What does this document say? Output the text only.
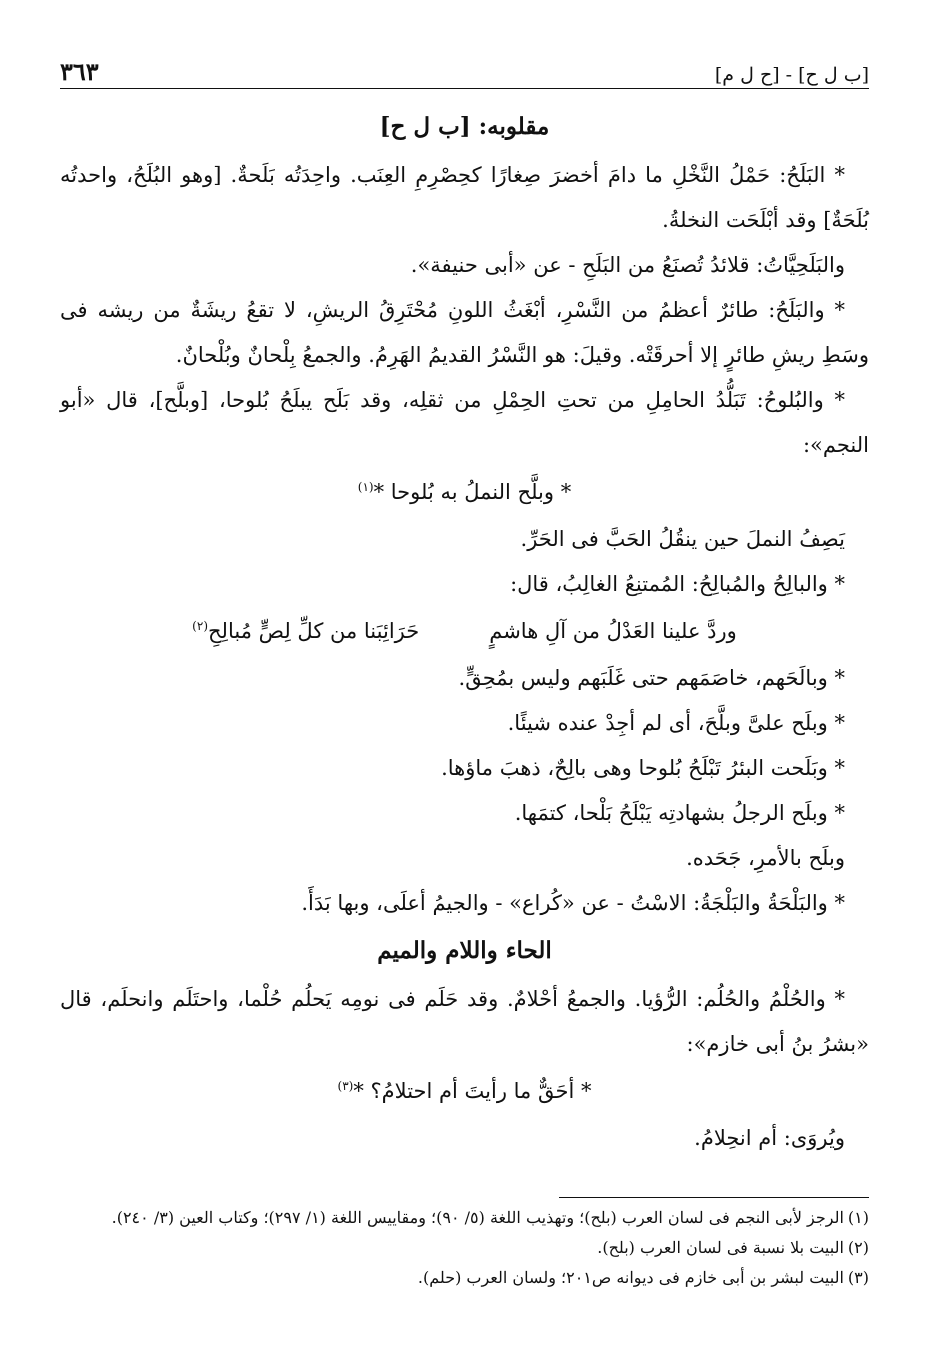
[ب ل ح] - [ح ل م]
٣٦٣
مقلوبه: [ب ل ح]

* البَلَحُ: حَمْلُ النَّخْلِ ما دامَ أخضرَ صِغارًا كحِصْرِمِ العِنَب. واحِدَتُه بَلَحةٌ. [وهو البُلَحُ، واحدتُه بُلَحَةٌ] وقد أبْلَحَت النخلةُ.

والبَلَحِيَّاتُ: قلائدُ تُصنَعُ من البَلَحِ - عن «أبى حنيفة».

* والبَلَحُ: طائرٌ أعظمُ من النَّسْرِ، أبْغَثُ اللونِ مُحْتَرِقُ الريشِ، لا تقعُ ريشَةٌ من ريشه فى وسَطِ ريشِ طائرٍ إلا أحرقَتْه. وقيلَ: هو النَّسْرُ القديمُ الهَرِمُ. والجمعُ بِلْحانٌ وبُلْحانٌ.

* والبُلوحُ: تَبَلُّدُ الحامِلِ من تحتِ الحِمْلِ من ثقلِه، وقد بَلَح يبلَحُ بُلوحا، [وبلَّح]، قال «أبو النجم»:

* وبلَّح النملُ به بُلوحا *$^{(١)}$

يَصِفُ النملَ حين ينقُلُ الحَبَّ فى الحَرِّ.

* والبالِحُ والمُبالِحُ: المُمتنِعُ الغالِبُ، قال:

وردَّ علينا العَدْلُ من آلِ هاشمٍ
حَرَائِبَنا من كلِّ لِصٍّ مُبالِحِ$^{(٢)}$

* وبالَحَهم، خاصَمَهم حتى غَلَبَهم وليس بمُحِقٍّ.

* وبلَح علىَّ وبلَّحَ، أى لم أجِدْ عنده شيئًا.

* وبَلَحت البئرُ تَبْلَحُ بُلوحا وهى بالِحٌ، ذهبَ ماؤها.

* وبلَح الرجلُ بشهادتِه يَبْلَحُ بَلْحا، كتمَها.

وبلَح بالأمرِ، جَحَده.

* والبَلْحَةُ والبَلْجَةُ: الاسْتُ - عن «كُراع» - والجيمُ أعلَى، وبها بَدَأَ.

الحاء واللام والميم

* والحُلْمُ والحُلُم: الرُّؤيا. والجمعُ أحْلامٌ. وقد حَلَم فى نومِه يَحلُم حُلْما، واحتَلَم وانحلَم، قال «بشرُ بنُ أبى خازم»:

* أحَقٌّ ما رأيتَ أم احتلامُ؟ *$^{(٣)}$

ويُروَى: أم انحِلامُ.

(١)الرجز لأبى النجم فى لسان العرب (بلح)؛ وتهذيب اللغة (٥/ ٩٠)؛ ومقاييس اللغة (١/ ٢٩٧)؛ وكتاب العين (٣/ ٢٤٠).

(٢)البيت بلا نسبة فى لسان العرب (بلح).

(٣)البيت لبشر بن أبى خازم فى ديوانه ص٢٠١؛ ولسان العرب (حلم).
